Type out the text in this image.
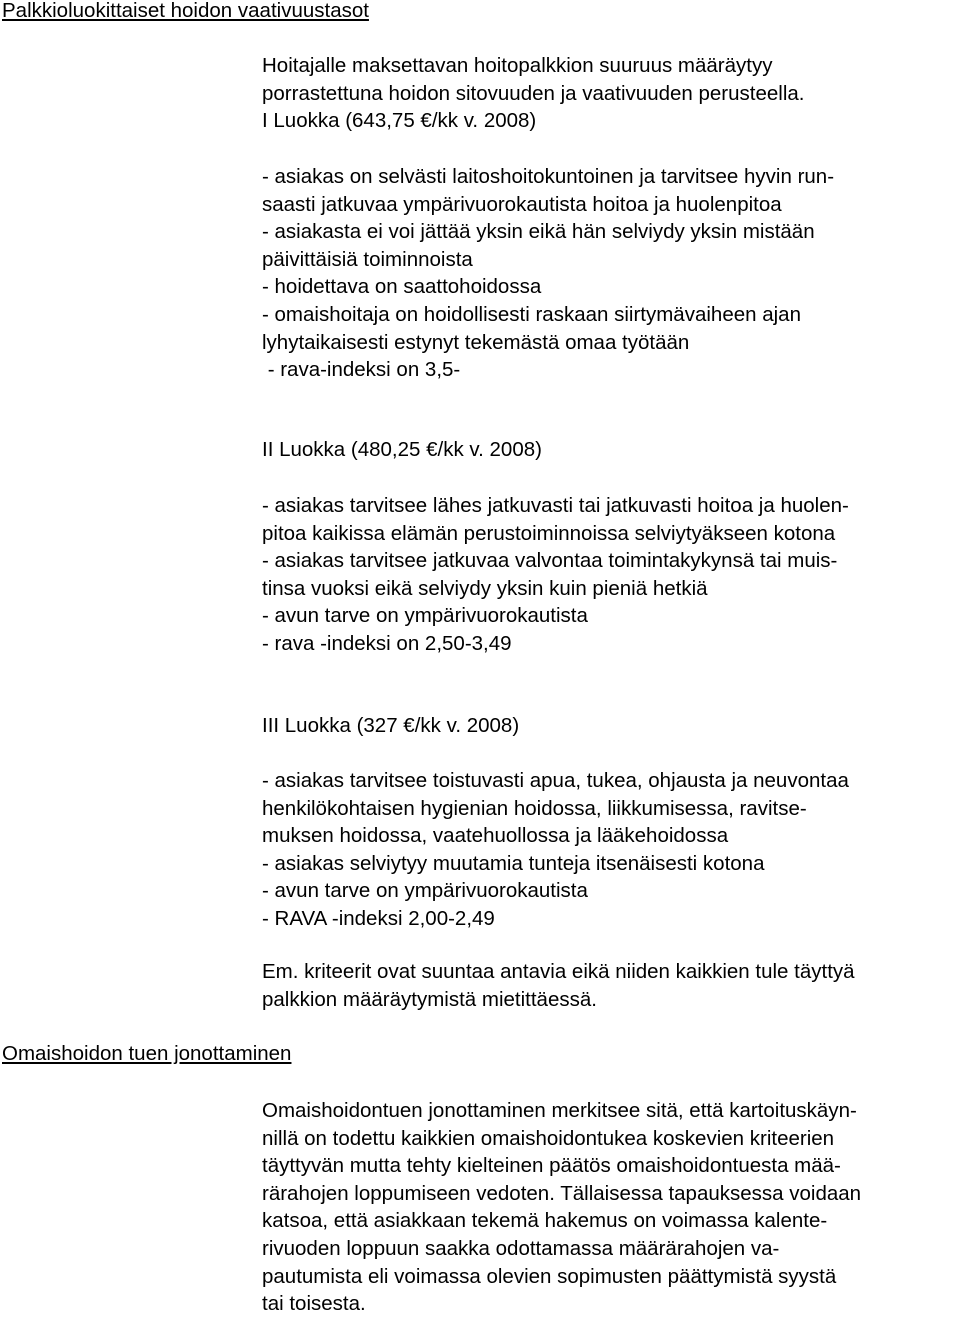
Palkkioluokittaiset hoidon vaativuustasot

Hoitajalle maksettavan hoitopalkkion suuruus määräytyy
porrastettuna hoidon sitovuuden ja vaativuuden perusteella.
I Luokka (643,75 €/kk v. 2008)

- asiakas on selvästi laitoshoitokuntoinen ja tarvitsee hyvin run-
saasti jatkuvaa ympärivuorokautista hoitoa ja huolenpitoa
- asiakasta ei voi jättää yksin eikä hän selviydy yksin mistään
päivittäisiä toiminnoista
- hoidettava on saattohoidossa
- omaishoitaja on hoidollisesti raskaan siirtymävaiheen ajan
lyhytaikaisesti estynyt tekemästä omaa työtään
- rava-indeksi on 3,5-

II Luokka (480,25 €/kk v. 2008)

- asiakas tarvitsee lähes jatkuvasti tai jatkuvasti hoitoa ja huolen-
pitoa kaikissa elämän perustoiminnoissa selviytyäkseen kotona
- asiakas tarvitsee jatkuvaa valvontaa toimintakykynsä tai muis-
tinsa vuoksi eikä selviydy yksin kuin pieniä hetkiä
- avun tarve on ympärivuorokautista
- rava -indeksi on 2,50-3,49

III Luokka (327 €/kk v. 2008)

- asiakas tarvitsee toistuvasti apua, tukea, ohjausta ja neuvontaa
henkilökohtaisen hygienian hoidossa, liikkumisessa, ravitse-
muksen hoidossa, vaatehuollossa ja lääkehoidossa
- asiakas selviytyy muutamia tunteja itsenäisesti kotona
- avun tarve on ympärivuorokautista
- RAVA -indeksi 2,00-2,49

Em. kriteerit ovat suuntaa antavia eikä niiden kaikkien tule täyttyä
palkkion määräytymistä mietittäessä.

Omaishoidon tuen jonottaminen

Omaishoidontuen jonottaminen merkitsee sitä, että kartoituskäyn-
nillä on todettu kaikkien omaishoidontukea koskevien kriteerien
täyttyvän mutta tehty kielteinen päätös omaishoidontuesta mää-
rärahojen loppumiseen vedoten. Tällaisessa tapauksessa voidaan
katsoa, että asiakkaan tekemä hakemus on voimassa kalente-
rivuoden loppuun saakka odottamassa määrärahojen va-
pautumista eli voimassa olevien sopimusten päättymistä syystä
tai toisesta.
